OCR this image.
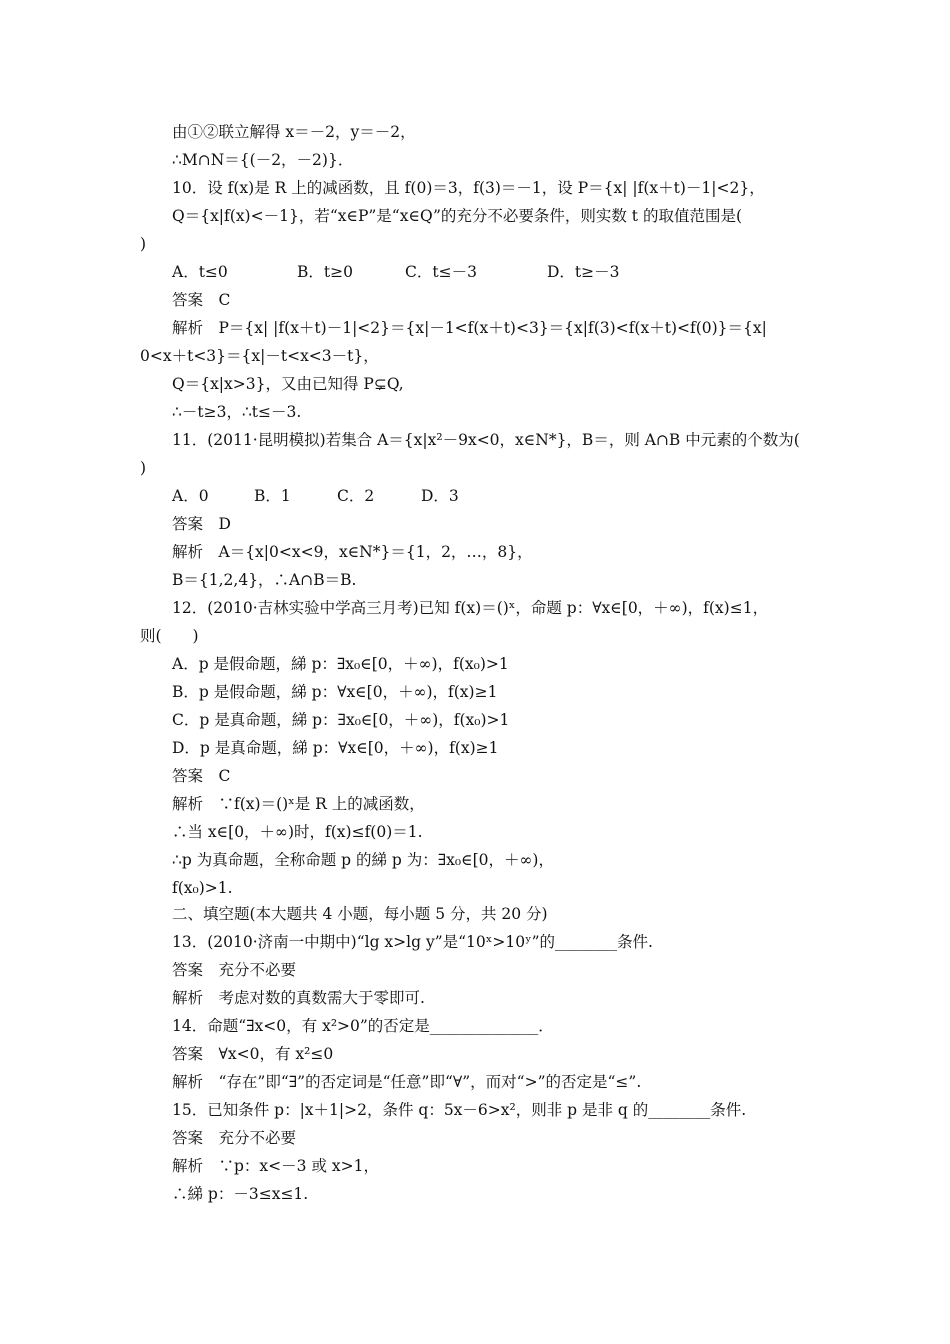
由①②联立解得 x＝－2，y＝－2，
∴M∩N＝{(－2，－2)}．
10．设 f(x)是 R 上的减函数，且 f(0)＝3，f(3)＝－1，设 P＝{x| |f(x＋t)－1|<2}，
Q＝{x|f(x)<－1}，若“x∈P”是“x∈Q”的充分不必要条件，则实数 t 的取值范围是(
)
A．t≤0	B．t≥0	C．t≤－3	D．t≥－3
答案　C
解析　P＝{x| |f(x＋t)－1|<2}＝{x|－1<f(x＋t)<3}＝{x|f(3)<f(x＋t)<f(0)}＝{x|
0<x＋t<3}＝{x|－t<x<3－t}，
Q＝{x|x>3}，又由已知得 P⊊Q,
∴－t≥3，∴t≤－3.
11．(2011·昆明模拟)若集合 A＝{x|x²－9x<0，x∈N*}，B＝，则 A∩B 中元素的个数为(
)
A．0	B．1	C．2	D．3
答案　D
解析　A＝{x|0<x<9，x∈N*}＝{1，2，…，8}，
B＝{1,2,4}，∴A∩B＝B.
12．(2010·吉林实验中学高三月考)已知 f(x)＝()ˣ，命题 p：∀x∈[0，＋∞)，f(x)≤1，
则(　　)
A．p 是假命题，綈 p：∃x₀∈[0，＋∞)，f(x₀)>1
B．p 是假命题，綈 p：∀x∈[0，＋∞)，f(x)≥1
C．p 是真命题，綈 p：∃x₀∈[0，＋∞)，f(x₀)>1
D．p 是真命题，綈 p：∀x∈[0，＋∞)，f(x)≥1
答案　C
解析　∵f(x)＝()ˣ是 R 上的减函数，
∴当 x∈[0，＋∞)时，f(x)≤f(0)＝1.
∴p 为真命题，全称命题 p 的綈 p 为：∃x₀∈[0，＋∞)，
f(x₀)>1.
二、填空题(本大题共 4 小题，每小题 5 分，共 20 分)
13．(2010·济南一中期中)“lg x>lg y”是“10ˣ>10ʸ”的________条件.
答案　充分不必要
解析　考虑对数的真数需大于零即可.
14．命题“∃x<0，有 x²>0”的否定是______________．
答案　∀x<0，有 x²≤0
解析　“存在”即“∃”的否定词是“任意”即“∀”，而对“>”的否定是“≤”.
15．已知条件 p：|x＋1|>2，条件 q：5x－6>x²，则非 p 是非 q 的________条件.
答案　充分不必要
解析　∵p：x<－3 或 x>1，
∴綈 p：－3≤x≤1.
